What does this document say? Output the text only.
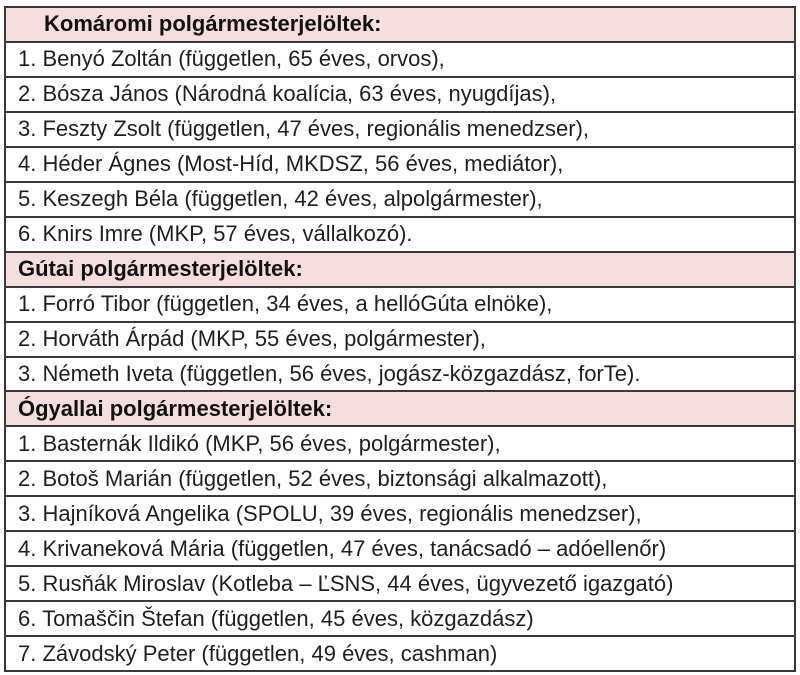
Komáromi polgármesterjelöltek:
1. Benyó Zoltán (független, 65 éves, orvos),
2. Bósza János (Národná koalícia, 63 éves, nyugdíjas),
3. Feszty Zsolt (független, 47 éves, regionális menedzser),
4. Héder Ágnes (Most-Híd, MKDSZ, 56 éves, mediátor),
5. Keszegh Béla (független, 42 éves, alpolgármester),
6. Knirs Imre (MKP, 57 éves, vállalkozó).
Gútai polgármesterjelöltek:
1. Forró Tibor (független, 34 éves, a hellóGúta elnöke),
2. Horváth Árpád (MKP, 55 éves, polgármester),
3. Németh Iveta (független, 56 éves, jogász-közgazdász, forTe).
Ógyallai polgármesterjelöltek:
1. Basternák Ildikó (MKP, 56 éves, polgármester),
2. Botoš Marián (független, 52 éves, biztonsági alkalmazott),
3. Hajníková Angelika (SPOLU, 39 éves, regionális menedzser),
4. Krivaneková Mária (független, 47 éves, tanácsadó – adóellenőr)
5. Rusňák Miroslav (Kotleba – ĽSNS, 44 éves, ügyvezető igazgató)
6. Tomaščin Štefan (független, 45 éves, közgazdász)
7. Závodský Peter (független, 49 éves, cashman)
